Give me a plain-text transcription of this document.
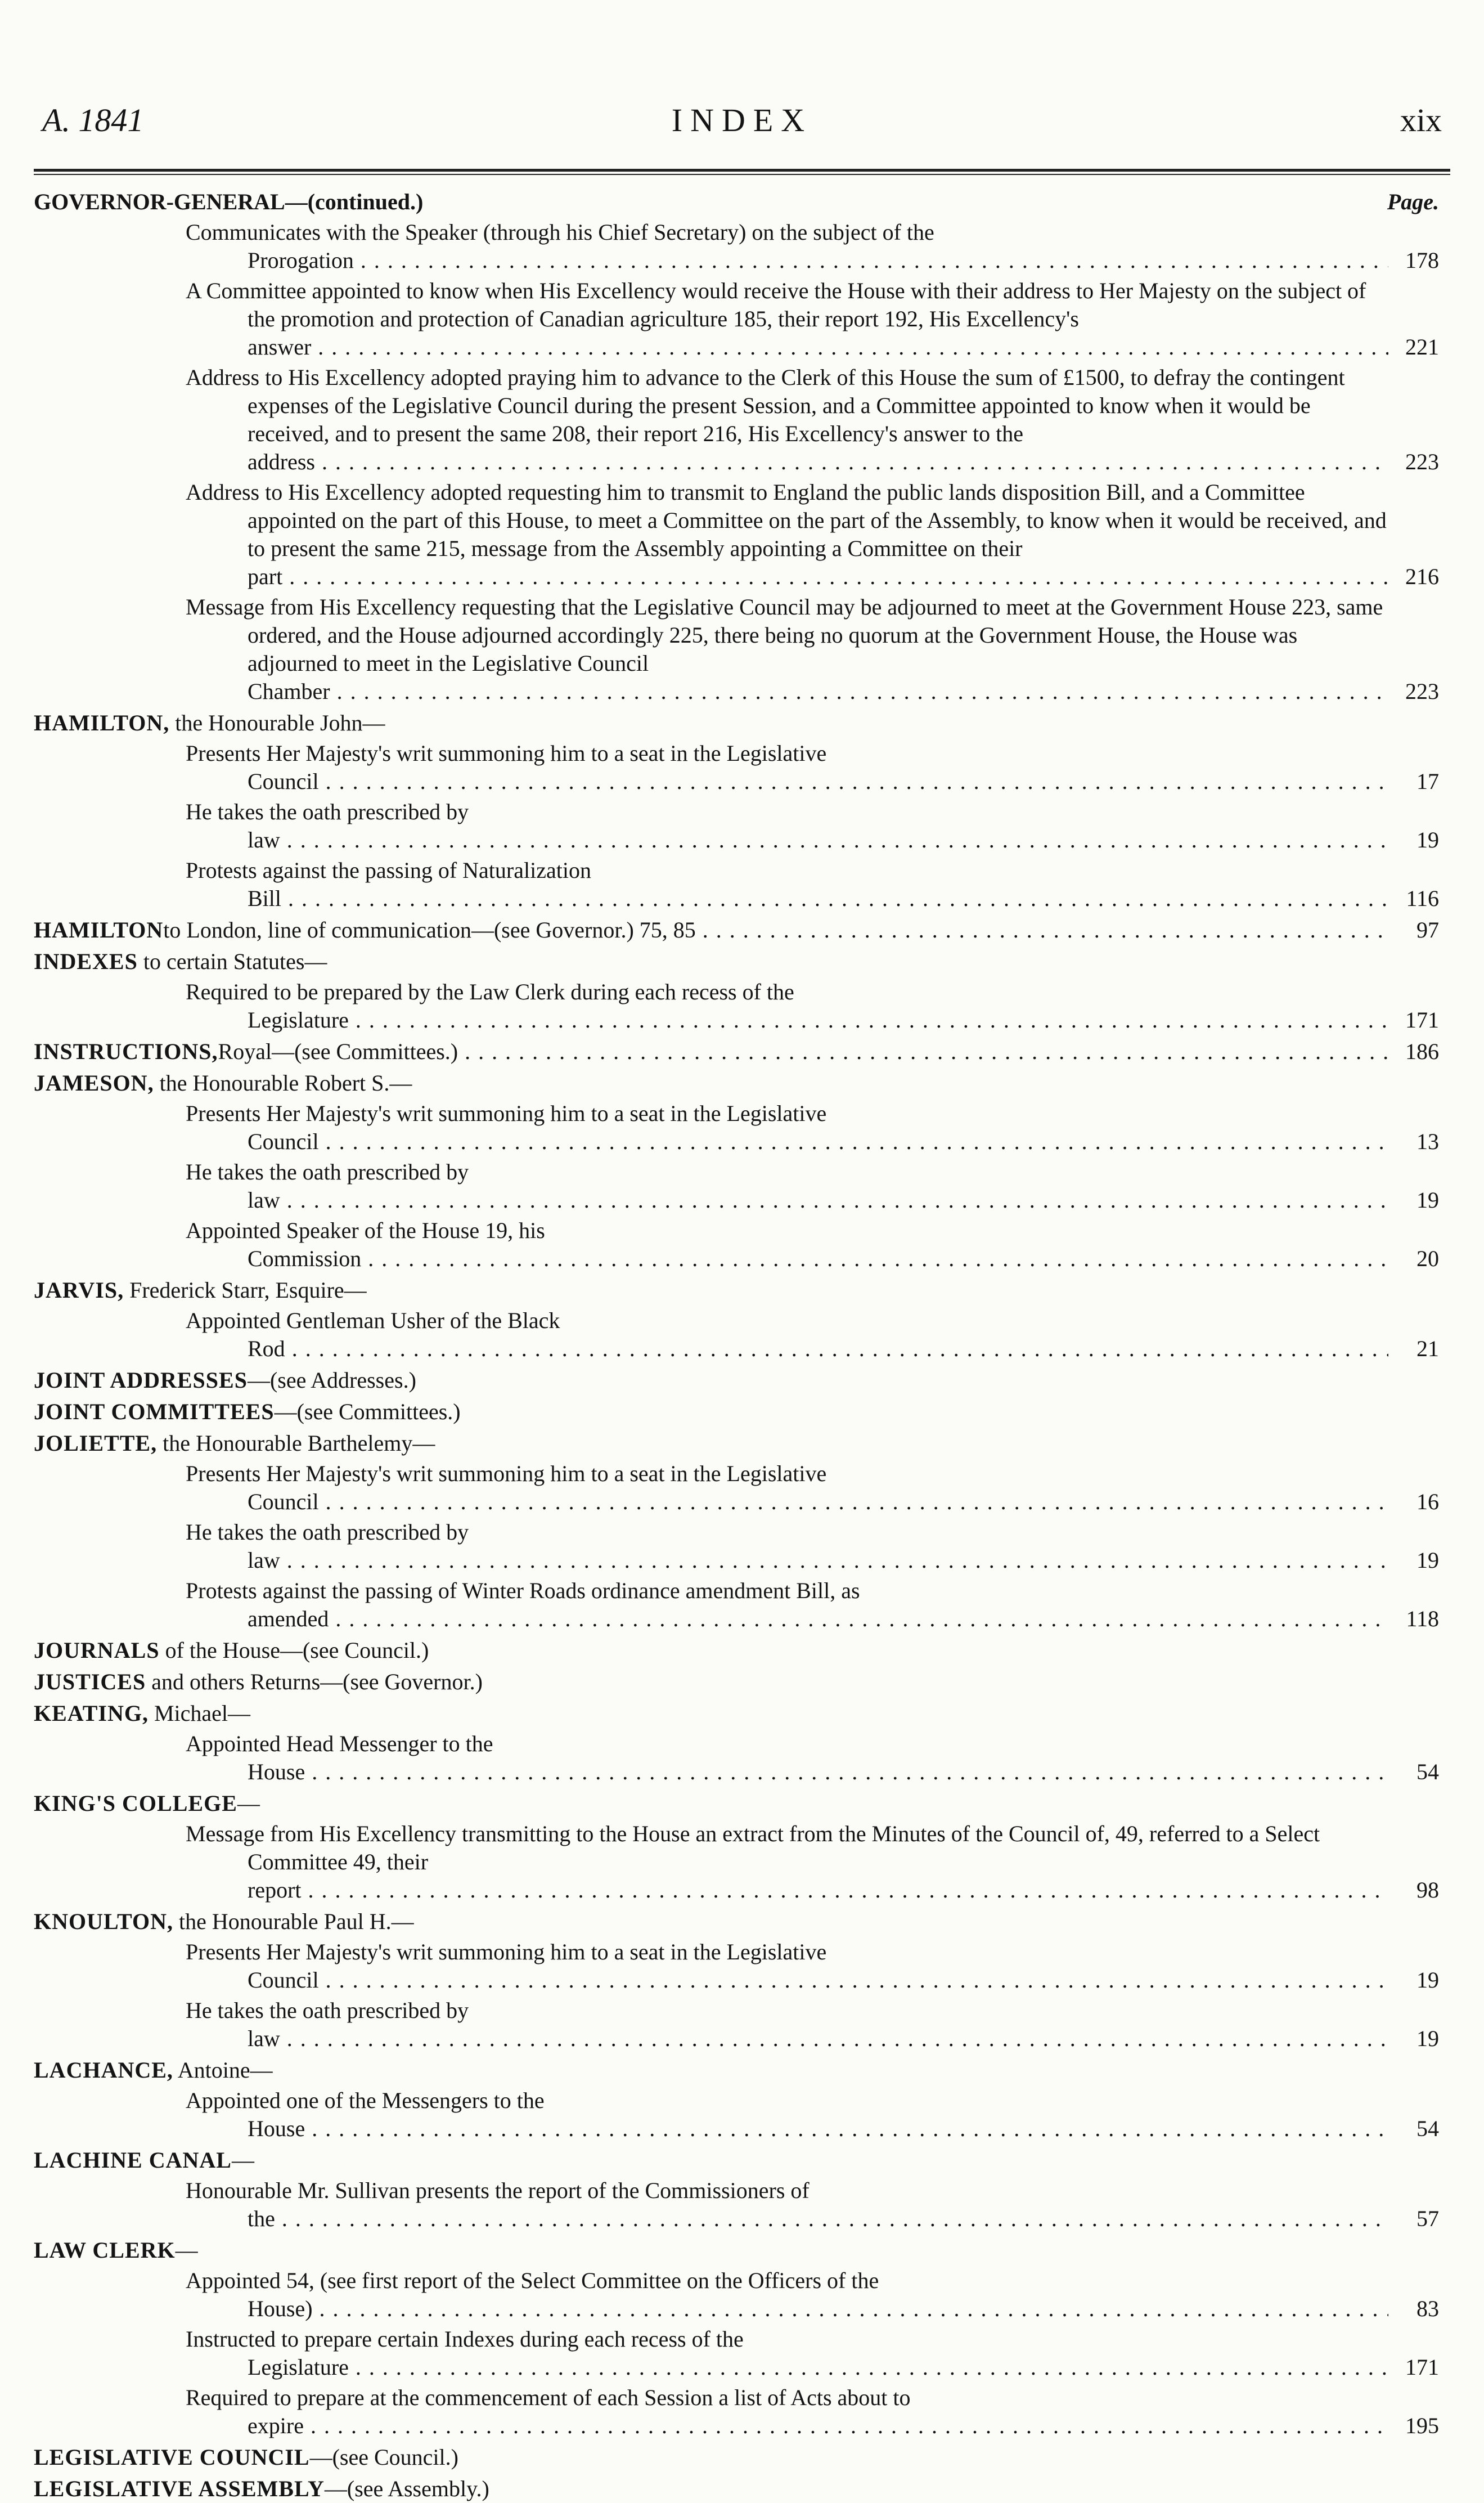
A. 1841	INDEX	xix
GOVERNOR-GENERAL—(continued.)	Page.
Communicates with the Speaker (through his Chief Secretary) on the subject of the Prorogation . . .	178
A Committee appointed to know when His Excellency would receive the House with their address to Her Majesty on the subject of the promotion and protection of Canadian agriculture 185, their report 192, His Excellency's answer . . .	221
Address to His Excellency adopted praying him to advance to the Clerk of this House the sum of £1500, to defray the contingent expenses of the Legislative Council during the present Session, and a Committee appointed to know when it would be received, and to present the same 208, their report 216, His Excellency's answer to the address . . .	223
Address to His Excellency adopted requesting him to transmit to England the public lands disposition Bill, and a Committee appointed on the part of this House, to meet a Committee on the part of the Assembly, to know when it would be received, and to present the same 215, message from the Assembly appointing a Committee on their part . . .	216
Message from His Excellency requesting that the Legislative Council may be adjourned to meet at the Government House 223, same ordered, and the House adjourned accordingly 225, there being no quorum at the Government House, the House was adjourned to meet in the Legislative Council Chamber . . .	223
HAMILTON, the Honourable John—
Presents Her Majesty's writ summoning him to a seat in the Legislative Council . . .	17
He takes the oath prescribed by law . . .	19
Protests against the passing of Naturalization Bill . . .	116
HAMILTON to London, line of communication—(see Governor.) 75, 85 . . .	97
INDEXES to certain Statutes—
Required to be prepared by the Law Clerk during each recess of the Legislature . . .	171
INSTRUCTIONS, Royal—(see Committees.) . . .	186
JAMESON, the Honourable Robert S.—
Presents Her Majesty's writ summoning him to a seat in the Legislative Council . . .	13
He takes the oath prescribed by law . . .	19
Appointed Speaker of the House 19, his Commission . . .	20
JARVIS, Frederick Starr, Esquire—
Appointed Gentleman Usher of the Black Rod . . .	21
JOINT ADDRESSES —(see Addresses.)
JOINT COMMITTEES —(see Committees.)
JOLIETTE, the Honourable Barthelemy—
Presents Her Majesty's writ summoning him to a seat in the Legislative Council . . .	16
He takes the oath prescribed by law . . .	19
Protests against the passing of Winter Roads ordinance amendment Bill, as amended . . .	118
JOURNALS of the House—(see Council.)
JUSTICES and others Returns—(see Governor.)
KEATING, Michael—
Appointed Head Messenger to the House . . .	54
KING'S COLLEGE —
Message from His Excellency transmitting to the House an extract from the Minutes of the Council of, 49, referred to a Select Committee 49, their report . . .	98
KNOULTON, the Honourable Paul H.—
Presents Her Majesty's writ summoning him to a seat in the Legislative Council . . .	19
He takes the oath prescribed by law . . .	19
LACHANCE, Antoine—
Appointed one of the Messengers to the House . . .	54
LACHINE CANAL —
Honourable Mr. Sullivan presents the report of the Commissioners of the . . .	57
LAW CLERK —
Appointed 54, (see first report of the Select Committee on the Officers of the House) . . .	83
Instructed to prepare certain Indexes during each recess of the Legislature . . .	171
Required to prepare at the commencement of each Session a list of Acts about to expire . . .	195
LEGISLATIVE COUNCIL —(see Council.)
LEGISLATIVE ASSEMBLY —(see Assembly.)
